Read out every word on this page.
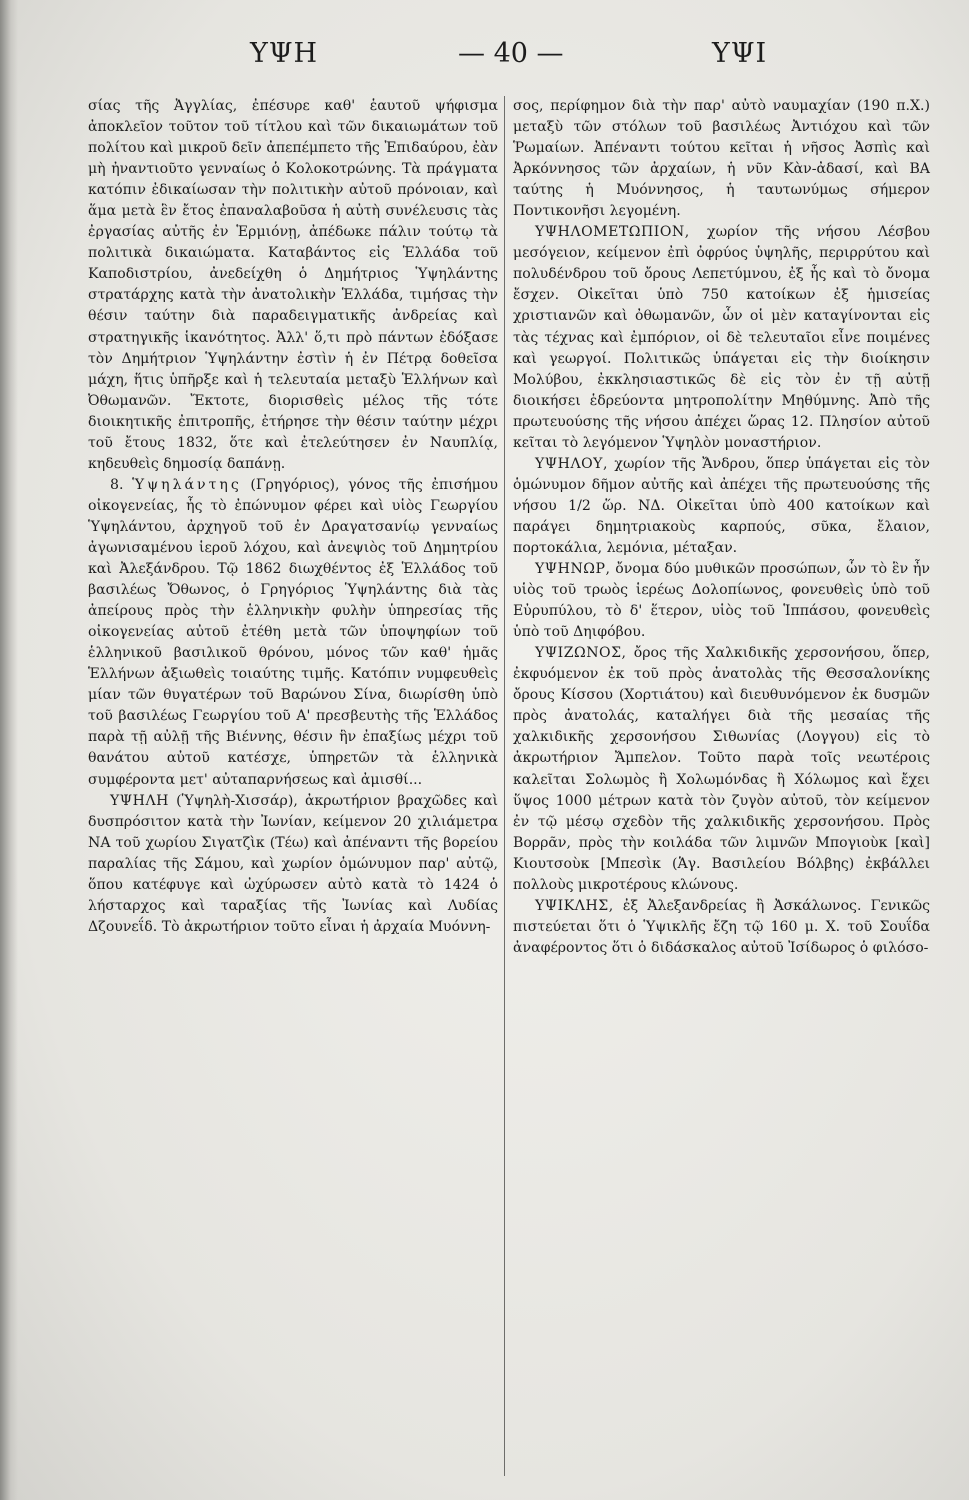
ΥΨΗ	— 40 —	ΥΨΙ

σίας τῆς Ἀγγλίας, ἐπέσυρε καθ' ἑαυτοῦ ψήφισμα ἀποκλεῖον τοῦτον τοῦ τίτλου καὶ τῶν δικαιωμάτων τοῦ πολίτου καὶ μικροῦ δεῖν ἀπεπέμπετο τῆς Ἐπιδαύρου, ἐὰν μὴ ἠναντιοῦτο γενναίως ὁ Κολοκοτρώνης. Τὰ πράγματα κατόπιν ἐδικαίωσαν τὴν πολιτικὴν αὐτοῦ πρόνοιαν, καὶ ἅμα μετὰ ἓν ἔτος ἐπαναλαβοῦσα ἡ αὐτὴ συνέλευσις τὰς ἐργασίας αὐτῆς ἐν Ἑρμιόνῃ, ἀπέδωκε πάλιν τούτῳ τὰ πολιτικὰ δικαιώματα. Καταβάντος εἰς Ἑλλάδα τοῦ Καποδιστρίου, ἀνεδείχθη ὁ Δημήτριος Ὑψηλάντης στρατάρχης κατὰ τὴν ἀνατολικὴν Ἑλλάδα, τιμήσας τὴν θέσιν ταύτην διὰ παραδειγματικῆς ἀνδρείας καὶ στρατηγικῆς ἱκανότητος. Ἀλλ' ὅ,τι πρὸ πάντων ἐδόξασε τὸν Δημήτριον Ὑψηλάντην ἐστὶν ἡ ἐν Πέτρᾳ δοθεῖσα μάχη, ἥτις ὑπῆρξε καὶ ἡ τελευταία μεταξὺ Ἑλλήνων καὶ Ὀθωμανῶν. Ἔκτοτε, διορισθεὶς μέλος τῆς τότε διοικητικῆς ἐπιτροπῆς, ἐτήρησε τὴν θέσιν ταύτην μέχρι τοῦ ἔτους 1832, ὅτε καὶ ἐτελεύτησεν ἐν Ναυπλίᾳ, κηδευθεὶς δημοσίᾳ δαπάνῃ.

8. Ὑψηλάντης (Γρηγόριος), γόνος τῆς ἐπισήμου οἰκογενείας, ἧς τὸ ἐπώνυμον φέρει καὶ υἱὸς Γεωργίου Ὑψηλάντου, ἀρχηγοῦ τοῦ ἐν Δραγατσανίῳ γενναίως ἀγωνισαμένου ἱεροῦ λόχου, καὶ ἀνεψιὸς τοῦ Δημητρίου καὶ Ἀλεξάνδρου. Τῷ 1862 διωχθέντος ἐξ Ἑλλάδος τοῦ βασιλέως Ὄθωνος, ὁ Γρηγόριος Ὑψηλάντης διὰ τὰς ἀπείρους πρὸς τὴν ἑλληνικὴν φυλὴν ὑπηρεσίας τῆς οἰκογενείας αὐτοῦ ἐτέθη μετὰ τῶν ὑποψηφίων τοῦ ἑλληνικοῦ βασιλικοῦ θρόνου, μόνος τῶν καθ' ἡμᾶς Ἑλλήνων ἀξιωθεὶς τοιαύτης τιμῆς. Κατόπιν νυμφευθεὶς μίαν τῶν θυγατέρων τοῦ Βαρώνου Σίνα, διωρίσθη ὑπὸ τοῦ βασιλέως Γεωργίου τοῦ Α' πρεσβευτὴς τῆς Ἑλλάδος παρὰ τῇ αὐλῇ τῆς Βιέννης, θέσιν ἣν ἐπαξίως μέχρι τοῦ θανάτου αὐτοῦ κατέσχε, ὑπηρετῶν τὰ ἑλληνικὰ συμφέροντα μετ' αὐταπαρνήσεως καὶ ἀμισθί...

ΥΨΗΛΗ (Ὑψηλὴ-Χισσάρ), ἀκρωτήριον βραχῶδες καὶ δυσπρόσιτον κατὰ τὴν Ἰωνίαν, κείμενον 20 χιλιάμετρα ΝΑ τοῦ χωρίου Σιγατζὶκ (Τέω) καὶ ἀπέναντι τῆς βορείου παραλίας τῆς Σάμου, καὶ χωρίον ὁμώνυμον παρ' αὐτῷ, ὅπου κατέφυγε καὶ ὠχύρωσεν αὐτὸ κατὰ τὸ 1424 ὁ λήσταρχος καὶ ταραξίας τῆς Ἰωνίας καὶ Λυδίας Δζουνεΐδ. Τὸ ἀκρωτήριον τοῦτο εἶναι ἡ ἀρχαία Μυόννη-

σος, περίφημον διὰ τὴν παρ' αὐτὸ ναυμαχίαν (190 π.Χ.) μεταξὺ τῶν στόλων τοῦ βασιλέως Ἀντιόχου καὶ τῶν Ῥωμαίων. Ἀπέναντι τούτου κεῖται ἡ νῆσος Ἀσπὶς καὶ Ἀρκόννησος τῶν ἀρχαίων, ἡ νῦν Κὰν-ἀδασί, καὶ ΒΑ ταύτης ἡ Μυόννησος, ἡ ταυτωνύμως σήμερον Ποντικονῆσι λεγομένη.

ΥΨΗΛΟΜΕΤΩΠΙΟΝ, χωρίον τῆς νήσου Λέσβου μεσόγειον, κείμενον ἐπὶ ὀφρύος ὑψηλῆς, περιρρύτου καὶ πολυδένδρου τοῦ ὄρους Λεπετύμνου, ἐξ ἧς καὶ τὸ ὄνομα ἔσχεν. Οἰκεῖται ὑπὸ 750 κατοίκων ἐξ ἡμισείας χριστιανῶν καὶ ὀθωμανῶν, ὧν οἱ μὲν καταγίνονται εἰς τὰς τέχνας καὶ ἐμπόριον, οἱ δὲ τελευταῖοι εἶνε ποιμένες καὶ γεωργοί. Πολιτικῶς ὑπάγεται εἰς τὴν διοίκησιν Μολύβου, ἐκκλησιαστικῶς δὲ εἰς τὸν ἐν τῇ αὐτῇ διοικήσει ἑδρεύοντα μητροπολίτην Μηθύμνης. Ἀπὸ τῆς πρωτευούσης τῆς νήσου ἀπέχει ὥρας 12. Πλησίον αὐτοῦ κεῖται τὸ λεγόμενον Ὑψηλὸν μοναστήριον.

ΥΨΗΛΟΥ, χωρίον τῆς Ἄνδρου, ὅπερ ὑπάγεται εἰς τὸν ὁμώνυμον δῆμον αὐτῆς καὶ ἀπέχει τῆς πρωτευούσης τῆς νήσου 1/2 ὥρ. ΝΔ. Οἰκεῖται ὑπὸ 400 κατοίκων καὶ παράγει δημητριακοὺς καρπούς, σῦκα, ἔλαιον, πορτοκάλια, λεμόνια, μέταξαν.

ΥΨΗΝΩΡ, ὄνομα δύο μυθικῶν προσώπων, ὧν τὸ ἓν ἦν υἱὸς τοῦ τρωὸς ἱερέως Δολοπίωνος, φονευθεὶς ὑπὸ τοῦ Εὐρυπύλου, τὸ δ' ἕτερον, υἱὸς τοῦ Ἱππάσου, φονευθεὶς ὑπὸ τοῦ Δηιφόβου.

ΥΨΙΖΩΝΟΣ, ὄρος τῆς Χαλκιδικῆς χερσονήσου, ὅπερ, ἐκφυόμενον ἐκ τοῦ πρὸς ἀνατολὰς τῆς Θεσσαλονίκης ὄρους Κίσσου (Χορτιάτου) καὶ διευθυνόμενον ἐκ δυσμῶν πρὸς ἀνατολάς, καταλήγει διὰ τῆς μεσαίας τῆς χαλκιδικῆς χερσονήσου Σιθωνίας (Λογγου) εἰς τὸ ἀκρωτήριον Ἄμπελον. Τοῦτο παρὰ τοῖς νεωτέροις καλεῖται Σολωμὸς ἢ Χολωμόνδας ἢ Χόλωμος καὶ ἔχει ὕψος 1000 μέτρων κατὰ τὸν ζυγὸν αὐτοῦ, τὸν κείμενον ἐν τῷ μέσῳ σχεδὸν τῆς χαλκιδικῆς χερσονήσου. Πρὸς Βορρᾶν, πρὸς τὴν κοιλάδα τῶν λιμνῶν Μπογιοὺκ [καὶ] Κιουτσοὺκ [Μπεσὶκ (Ἁγ. Βασιλείου Βόλβης) ἐκβάλλει πολλοὺς μικροτέρους κλώνους.

ΥΨΙΚΛΗΣ, ἐξ Ἀλεξανδρείας ἢ Ἀσκάλωνος. Γενικῶς πιστεύεται ὅτι ὁ Ὑψικλῆς ἔζη τῷ 160 μ. Χ. τοῦ Σουΐδα ἀναφέροντος ὅτι ὁ διδάσκαλος αὐτοῦ Ἰσίδωρος ὁ φιλόσο-
